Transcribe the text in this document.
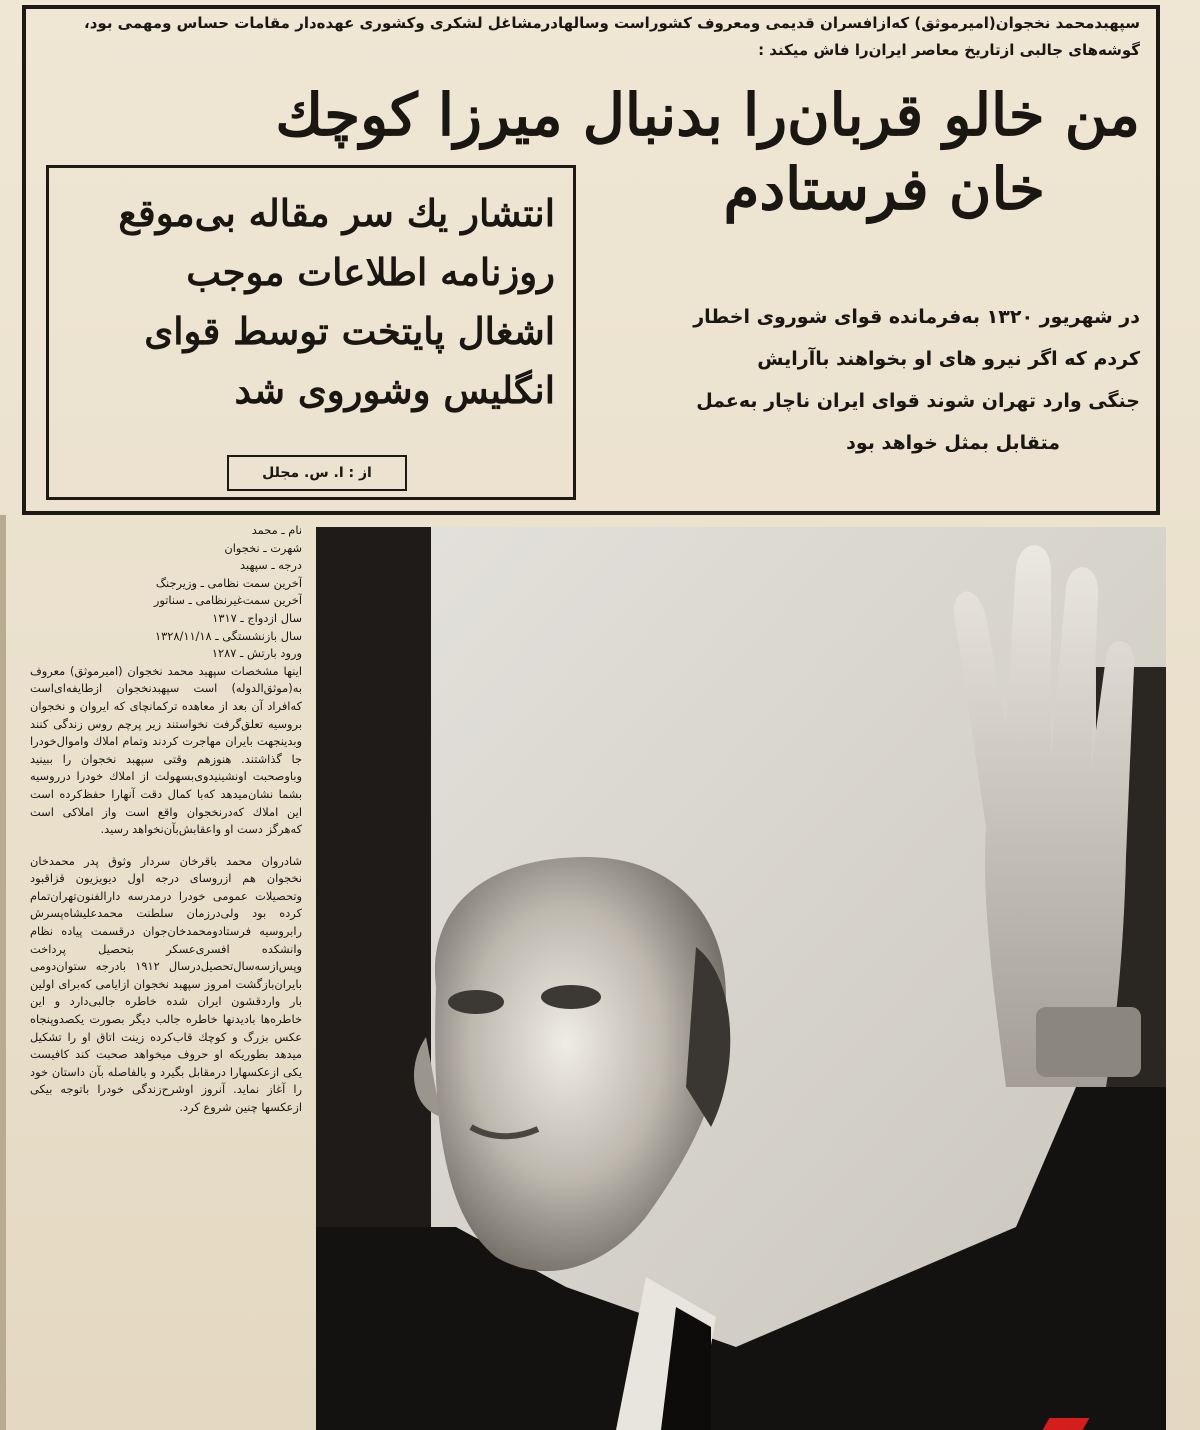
سپهبدمحمد نخجوان(امیرموثق) که‌ازافسران قدیمی ومعروف کشوراست وسالهادرمشاغل لشکری وکشوری عهده‌دار مقامات حساس ومهمی بود، گوشه‌های جالبی ازتاریخ معاصر ایران‌را فاش میکند :
من خالو قربان‌را بدنبال میرزا کوچك
خان فرستادم
در شهریور ۱۳۲۰ به‌فرمانده قوای شوروی اخطار
کردم که اگر نیرو های او بخواهند باآرایش
جنگی وارد تهران شوند قوای ایران ناچار به‌عمل
متقابل بمثل خواهد بود
انتشار یك سر مقاله بی‌موقع
روزنامه اطلاعات موجب
اشغال پایتخت توسط قوای
انگلیس وشوروی شد
از : ا. س. مجلل
نام ـ محمد
شهرت ـ نخجوان
درجه ـ سپهبد
آخرین سمت نظامی ـ وزیرجنگ
آخرین سمت‌غیرنظامی ـ سناتور
سال ازدواج ـ ۱۳۱۷
سال بازنشستگی ـ ۱۳۲۸/۱۱/۱۸
ورود بارتش ـ ۱۲۸۷

اینها مشخصات سپهبد محمد نخجوان (امیرموثق) معروف به(موثق‌الدوله) است سپهبدنخجوان ازطایفه‌ای‌است که‌افراد آن بعد از معاهده ترکمانچای که ایروان و نخجوان بروسیه تعلق‌گرفت نخواستند زیر پرچم روس زندگی کنند وبدینجهت بایران مهاجرت کردند وتمام املاك واموال‌خودرا جا گذاشتند. هنوزهم وقتی سپهبد نخجوان را ببینید وباوصحبت اونشینیدوی‌بسهولت از املاك خودرا درروسیه بشما نشان‌میدهد که‌با کمال دقت آنهارا حفظ‌کرده است این املاك که‌درنخجوان واقع است واز املاکی است که‌هرگز دست او واعقابش‌بآن‌نخواهد رسید.

شادروان محمد باقرخان سردار وثوق پدر محمدخان نخجوان هم ازروسای درجه اول دیویزیون قزاقبود وتحصیلات عمومی خودرا درمدرسه دارالفنون‌تهران‌تمام کرده بود ولی‌درزمان سلطنت محمدعلیشاه‌پسرش رابروسیه فرستادومحمدخان‌جوان درقسمت پیاده نظام وانشکده افسری‌عسکر بتحصیل پرداخت وپس‌ازسه‌سال‌تحصیل‌درسال ۱۹۱۲ بادرجه ستوان‌دومی بایران‌بازگشت امروز سپهبد نخجوان ازایامی که‌برای اولین بار واردقشون ایران شده خاطره جالبی‌دارد و این خاطره‌ها بادیدنها خاطره جالب دیگر بصورت یکصدوپنجاه عکس بزرگ و کوچك قاب‌کرده زینت اتاق او را تشکیل میدهد بطوریکه او حروف میخواهد صحبت کند کافیست یکی ازعکسهارا درمقابل بگیرد و بالفاصله بآن داستان خود را آغاز نماید. آنروز اوشرح‌زندگی خودرا باتوجه بیکی ازعکسها چنین شروع کرد.
